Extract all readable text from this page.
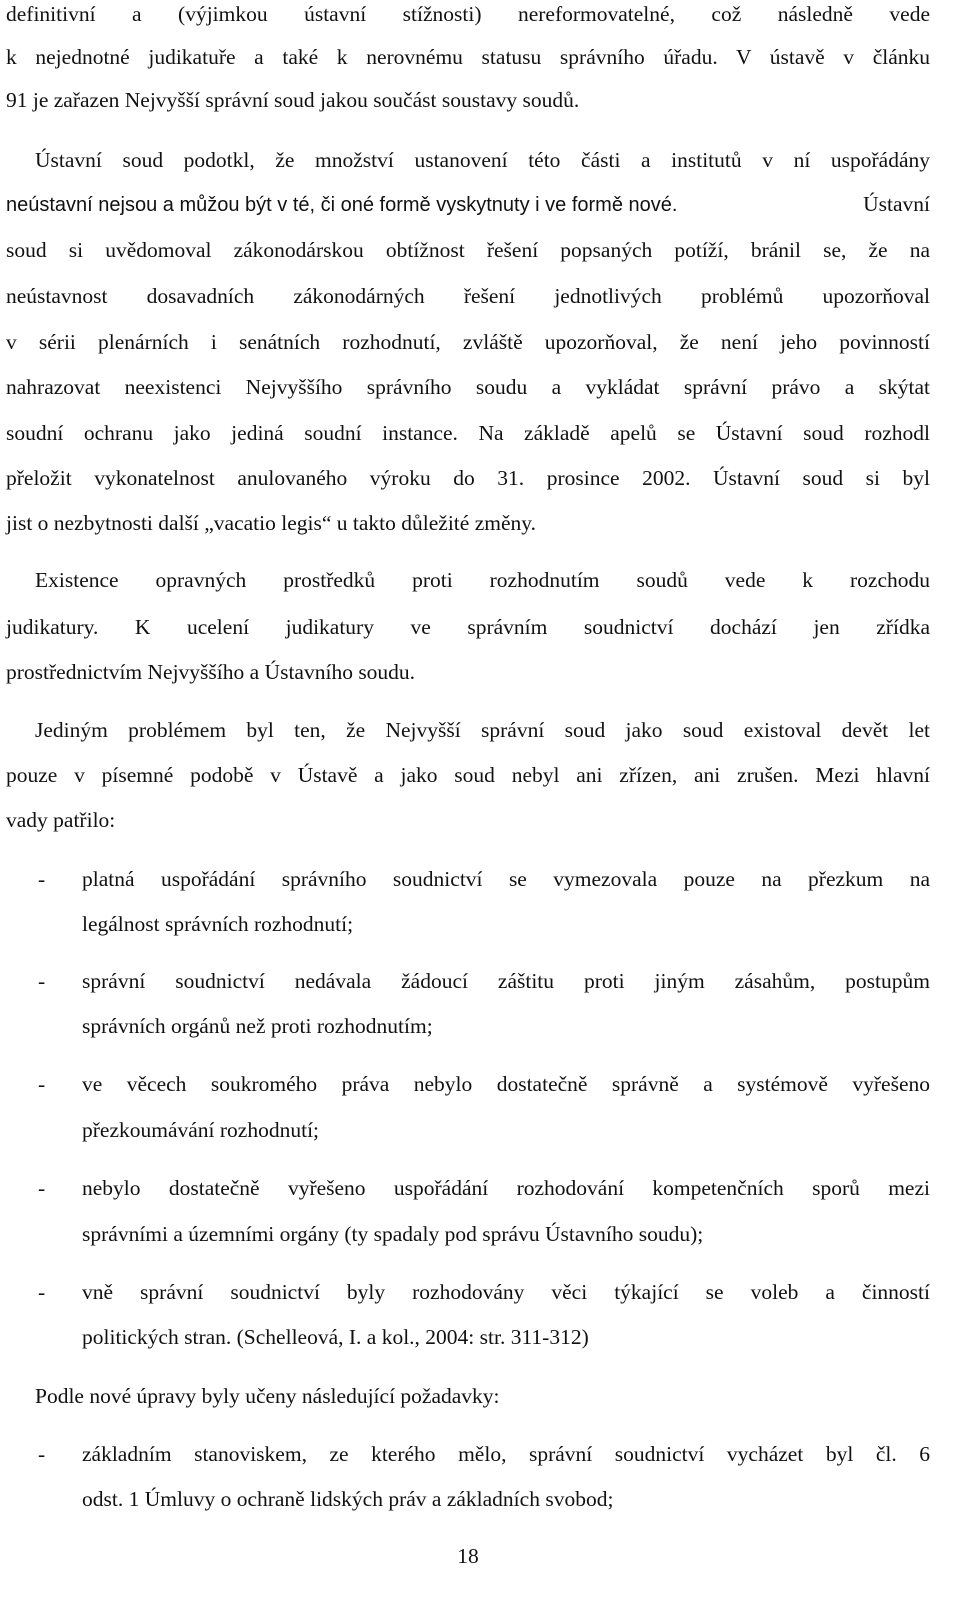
definitivní a (výjimkou ústavní stížnosti) nereformovatelné, což následně vede
k nejednotné judikatuře a také k nerovnému statusu správního úřadu. V ústavě v článku
91 je zařazen Nejvyšší správní soud jakou součást soustavy soudů.
Ústavní soud podotkl, že množství ustanovení této části a institutů v ní uspořádány
neústavní nejsou a můžou být v té, či oné formě vyskytnuty i ve formě nové.	Ústavní
soud si uvědomoval zákonodárskou obtížnost řešení popsaných potíží, bránil se, že na
neústavnost dosavadních zákonodárných řešení jednotlivých problémů upozorňoval
v sérii plenárních i senátních rozhodnutí, zvláště upozorňoval, že není jeho povinností
nahrazovat neexistenci Nejvyššího správního soudu a vykládat správní právo a skýtat
soudní ochranu jako jediná soudní instance. Na základě apelů se Ústavní soud rozhodl
přeložit vykonatelnost anulovaného výroku do 31. prosince 2002. Ústavní soud si byl
jist o nezbytnosti další „vacatio legis“ u takto důležité změny.
Existence opravných prostředků proti rozhodnutím soudů vede k rozchodu
judikatury. K ucelení judikatury ve správním soudnictví dochází jen zřídka
prostřednictvím Nejvyššího a Ústavního soudu.
Jediným problémem byl ten, že Nejvyšší správní soud jako soud existoval devět let
pouze v písemné podobě v Ústavě a jako soud nebyl ani zřízen, ani zrušen. Mezi hlavní
vady patřilo:
- platná uspořádání správního soudnictví se vymezovala pouze na přezkum na
legálnost správních rozhodnutí;
- správní soudnictví nedávala žádoucí záštitu proti jiným zásahům, postupům
správních orgánů než proti rozhodnutím;
- ve věcech soukromého práva nebylo dostatečně správně a systémově vyřešeno
přezkoumávání rozhodnutí;
- nebylo dostatečně vyřešeno uspořádání rozhodování kompetenčních sporů mezi
správními a územními orgány (ty spadaly pod správu Ústavního soudu);
- vně správní soudnictví byly rozhodovány věci týkající se voleb a činností
politických stran. (Schelleová, I. a kol., 2004: str. 311-312)
Podle nové úpravy byly učeny následující požadavky:
- základním stanoviskem, ze kterého mělo, správní soudnictví vycházet byl čl. 6
odst. 1 Úmluvy o ochraně lidských práv a základních svobod;
18
